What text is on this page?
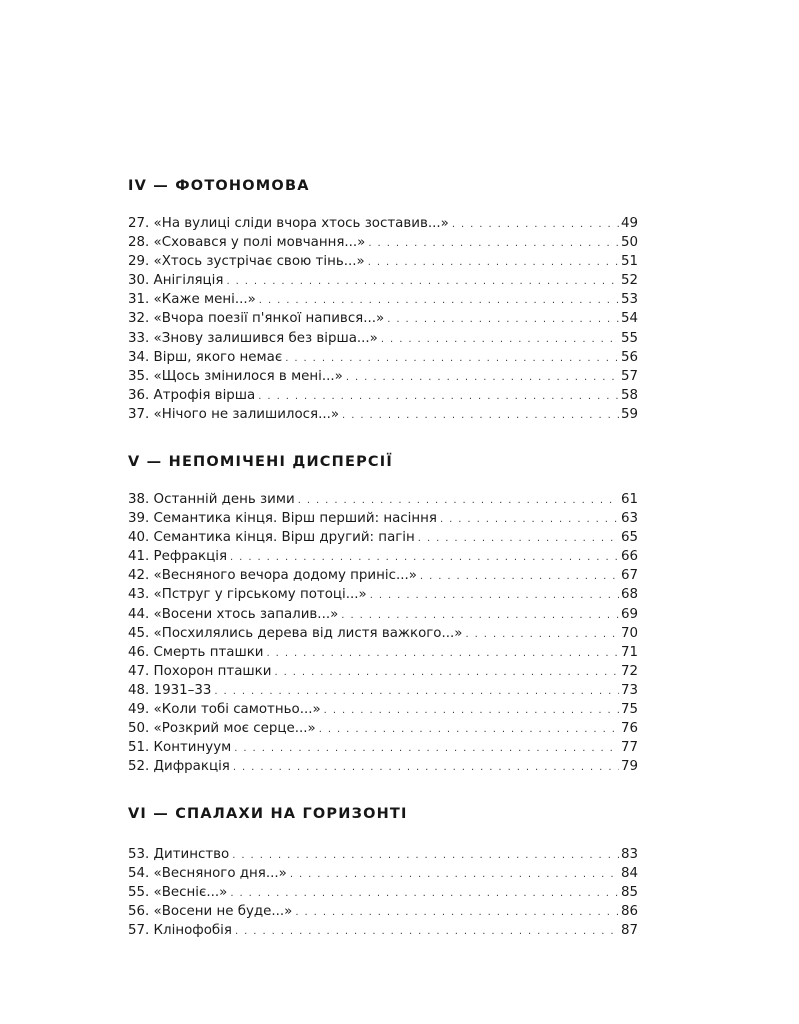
IV — ФОТОНОМОВА
27. «На вулиці сліди вчора хтось зоставив...» . . .	49
28. «Сховався у полі мовчання...» . . .	50
29. «Хтось зустрічає свою тінь...» . . .	51
30. Анігіляція . . .	52
31. «Каже мені...» . . .	53
32. «Вчора поезії п'янкої напився...» . . .	54
33. «Знову залишився без вірша...» . . .	55
34. Вірш, якого немає . . .	56
35. «Щось змінилося в мені...» . . .	57
36. Атрофія вірша . . .	58
37. «Нічого не залишилося...» . . .	59
V — НЕПОМІЧЕНІ ДИСПЕРСІЇ
38. Останній день зими . . .	61
39. Семантика кінця. Вірш перший: насіння . . .	63
40. Семантика кінця. Вірш другий: пагін . . .	65
41. Рефракція . . .	66
42. «Весняного вечора додому приніс...» . . .	67
43. «Пструг у гірському потоці...» . . .	68
44. «Восени хтось запалив...» . . .	69
45. «Посхилялись дерева від листя важкого...» . . .	70
46. Смерть пташки . . .	71
47. Похорон пташки . . .	72
48. 1931–33 . . .	73
49. «Коли тобі самотньо...» . . .	75
50. «Розкрий моє серце...» . . .	76
51. Континуум . . .	77
52. Дифракція . . .	79
VI — СПАЛАХИ НА ГОРИЗОНТІ
53. Дитинство . . .	83
54. «Весняного дня...» . . .	84
55. «Веснiє...» . . .	85
56. «Восени не буде...» . . .	86
57. Клінофобія . . .	87
